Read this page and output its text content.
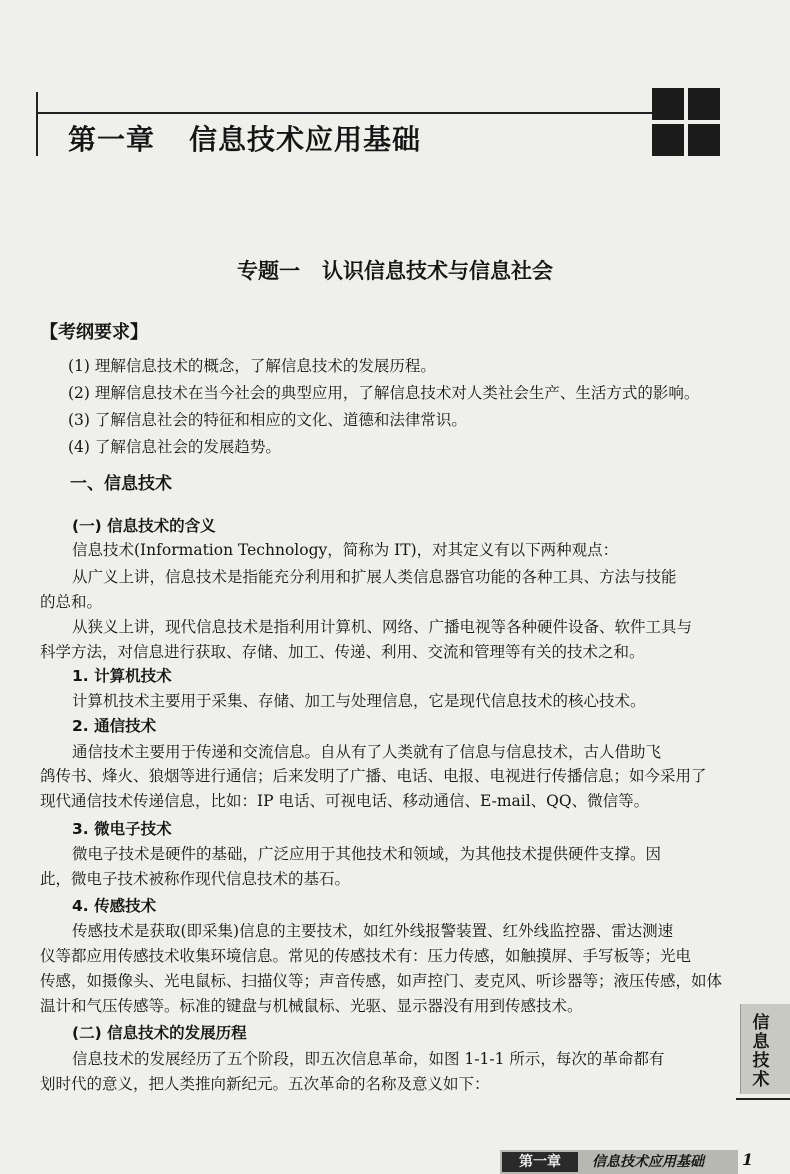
第一章 信息技术应用基础
专题一 认识信息技术与信息社会
【考纲要求】
(1) 理解信息技术的概念，了解信息技术的发展历程。
(2) 理解信息技术在当今社会的典型应用，了解信息技术对人类社会生产、生活方式的影响。
(3) 了解信息社会的特征和相应的文化、道德和法律常识。
(4) 了解信息社会的发展趋势。
一、信息技术
(一) 信息技术的含义
信息技术(Information Technology，简称为 IT)，对其定义有以下两种观点：
从广义上讲，信息技术是指能充分利用和扩展人类信息器官功能的各种工具、方法与技能
的总和。
从狭义上讲，现代信息技术是指利用计算机、网络、广播电视等各种硬件设备、软件工具与
科学方法，对信息进行获取、存储、加工、传递、利用、交流和管理等有关的技术之和。
1. 计算机技术
计算机技术主要用于采集、存储、加工与处理信息，它是现代信息技术的核心技术。
2. 通信技术
通信技术主要用于传递和交流信息。自从有了人类就有了信息与信息技术，古人借助飞
鸽传书、烽火、狼烟等进行通信；后来发明了广播、电话、电报、电视进行传播信息；如今采用了
现代通信技术传递信息，比如：IP 电话、可视电话、移动通信、E-mail、QQ、微信等。
3. 微电子技术
微电子技术是硬件的基础，广泛应用于其他技术和领域，为其他技术提供硬件支撑。因
此，微电子技术被称作现代信息技术的基石。
4. 传感技术
传感技术是获取(即采集)信息的主要技术，如红外线报警装置、红外线监控器、雷达测速
仪等都应用传感技术收集环境信息。常见的传感技术有：压力传感，如触摸屏、手写板等；光电
传感，如摄像头、光电鼠标、扫描仪等；声音传感，如声控门、麦克风、听诊器等；液压传感，如体
温计和气压传感等。标准的键盘与机械鼠标、光驱、显示器没有用到传感技术。
(二) 信息技术的发展历程
信息技术的发展经历了五个阶段，即五次信息革命，如图 1-1-1 所示，每次的革命都有
划时代的意义，把人类推向新纪元。五次革命的名称及意义如下：
信息技术
第一章	信息技术应用基础 1
